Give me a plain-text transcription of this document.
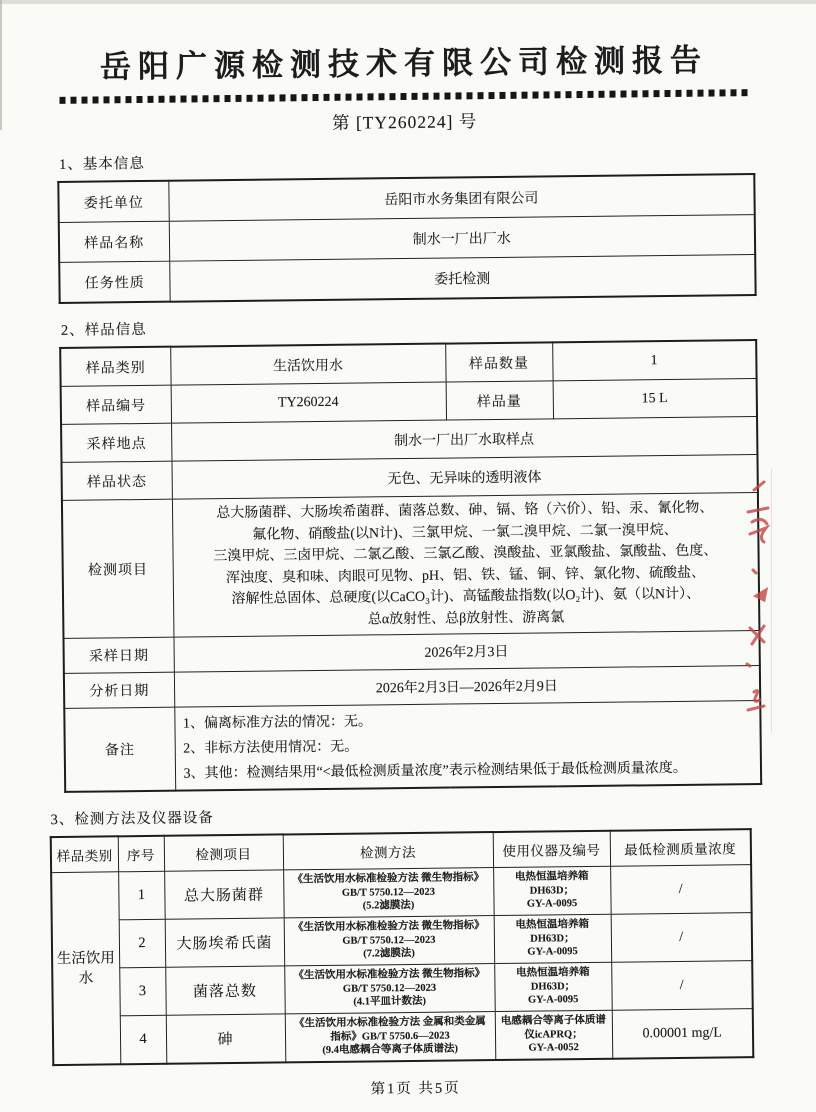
岳阳广源检测技术有限公司检测报告
第 [TY260224] 号
1、基本信息
委托单位	岳阳市水务集团有限公司
样品名称	制水一厂出厂水
任务性质	委托检测
2、样品信息
样品类别	生活饮用水	样品数量	1
样品编号	TY260224	样品量	15 L
采样地点	制水一厂出厂水取样点		
样品状态	无色、无异味的透明液体		
检测项目	总大肠菌群、大肠埃希菌群、菌落总数、砷、镉、铬（六价）、铅、汞、氰化物、
氟化物、硝酸盐(以N计)、三氯甲烷、一氯二溴甲烷、二氯一溴甲烷、
三溴甲烷、三卤甲烷、二氯乙酸、三氯乙酸、溴酸盐、亚氯酸盐、氯酸盐、色度、
浑浊度、臭和味、肉眼可见物、pH、铝、铁、锰、铜、锌、氯化物、硫酸盐、
溶解性总固体、总硬度(以CaCO₃计)、高锰酸盐指数(以O₂计)、氨（以N计）、
总α放射性、总β放射性、游离氯
采样日期	2026年2月3日		
分析日期	2026年2月3日—2026年2月9日		
备注	1、偏离标准方法的情况：无。
2、非标方法使用情况：无。
3、其他：检测结果用“<最低检测质量浓度”表示检测结果低于最低检测质量浓度。		
3、检测方法及仪器设备
样品类别	序号	检测项目	检测方法	使用仪器及编号	最低检测质量浓度
生活饮用水	1	总大肠菌群	《生活饮用水标准检验方法 微生物指标》
GB/T 5750.12—2023
(5.2滤膜法)	电热恒温培养箱
DH63D；
GY-A-0095	/
	2	大肠埃希氏菌	《生活饮用水标准检验方法 微生物指标》
GB/T 5750.12—2023
(7.2滤膜法)	电热恒温培养箱
DH63D；
GY-A-0095	/
	3	菌落总数	《生活饮用水标准检验方法 微生物指标》
GB/T 5750.12—2023
(4.1平皿计数法)	电热恒温培养箱
DH63D；
GY-A-0095	/
	4	砷	《生活饮用水标准检验方法 金属和类金属
指标》GB/T 5750.6—2023
(9.4电感耦合等离子体质谱法)	电感耦合等离子体质谱
仪icAPRQ；
GY-A-0052	0.00001 mg/L
第1页 共5页
